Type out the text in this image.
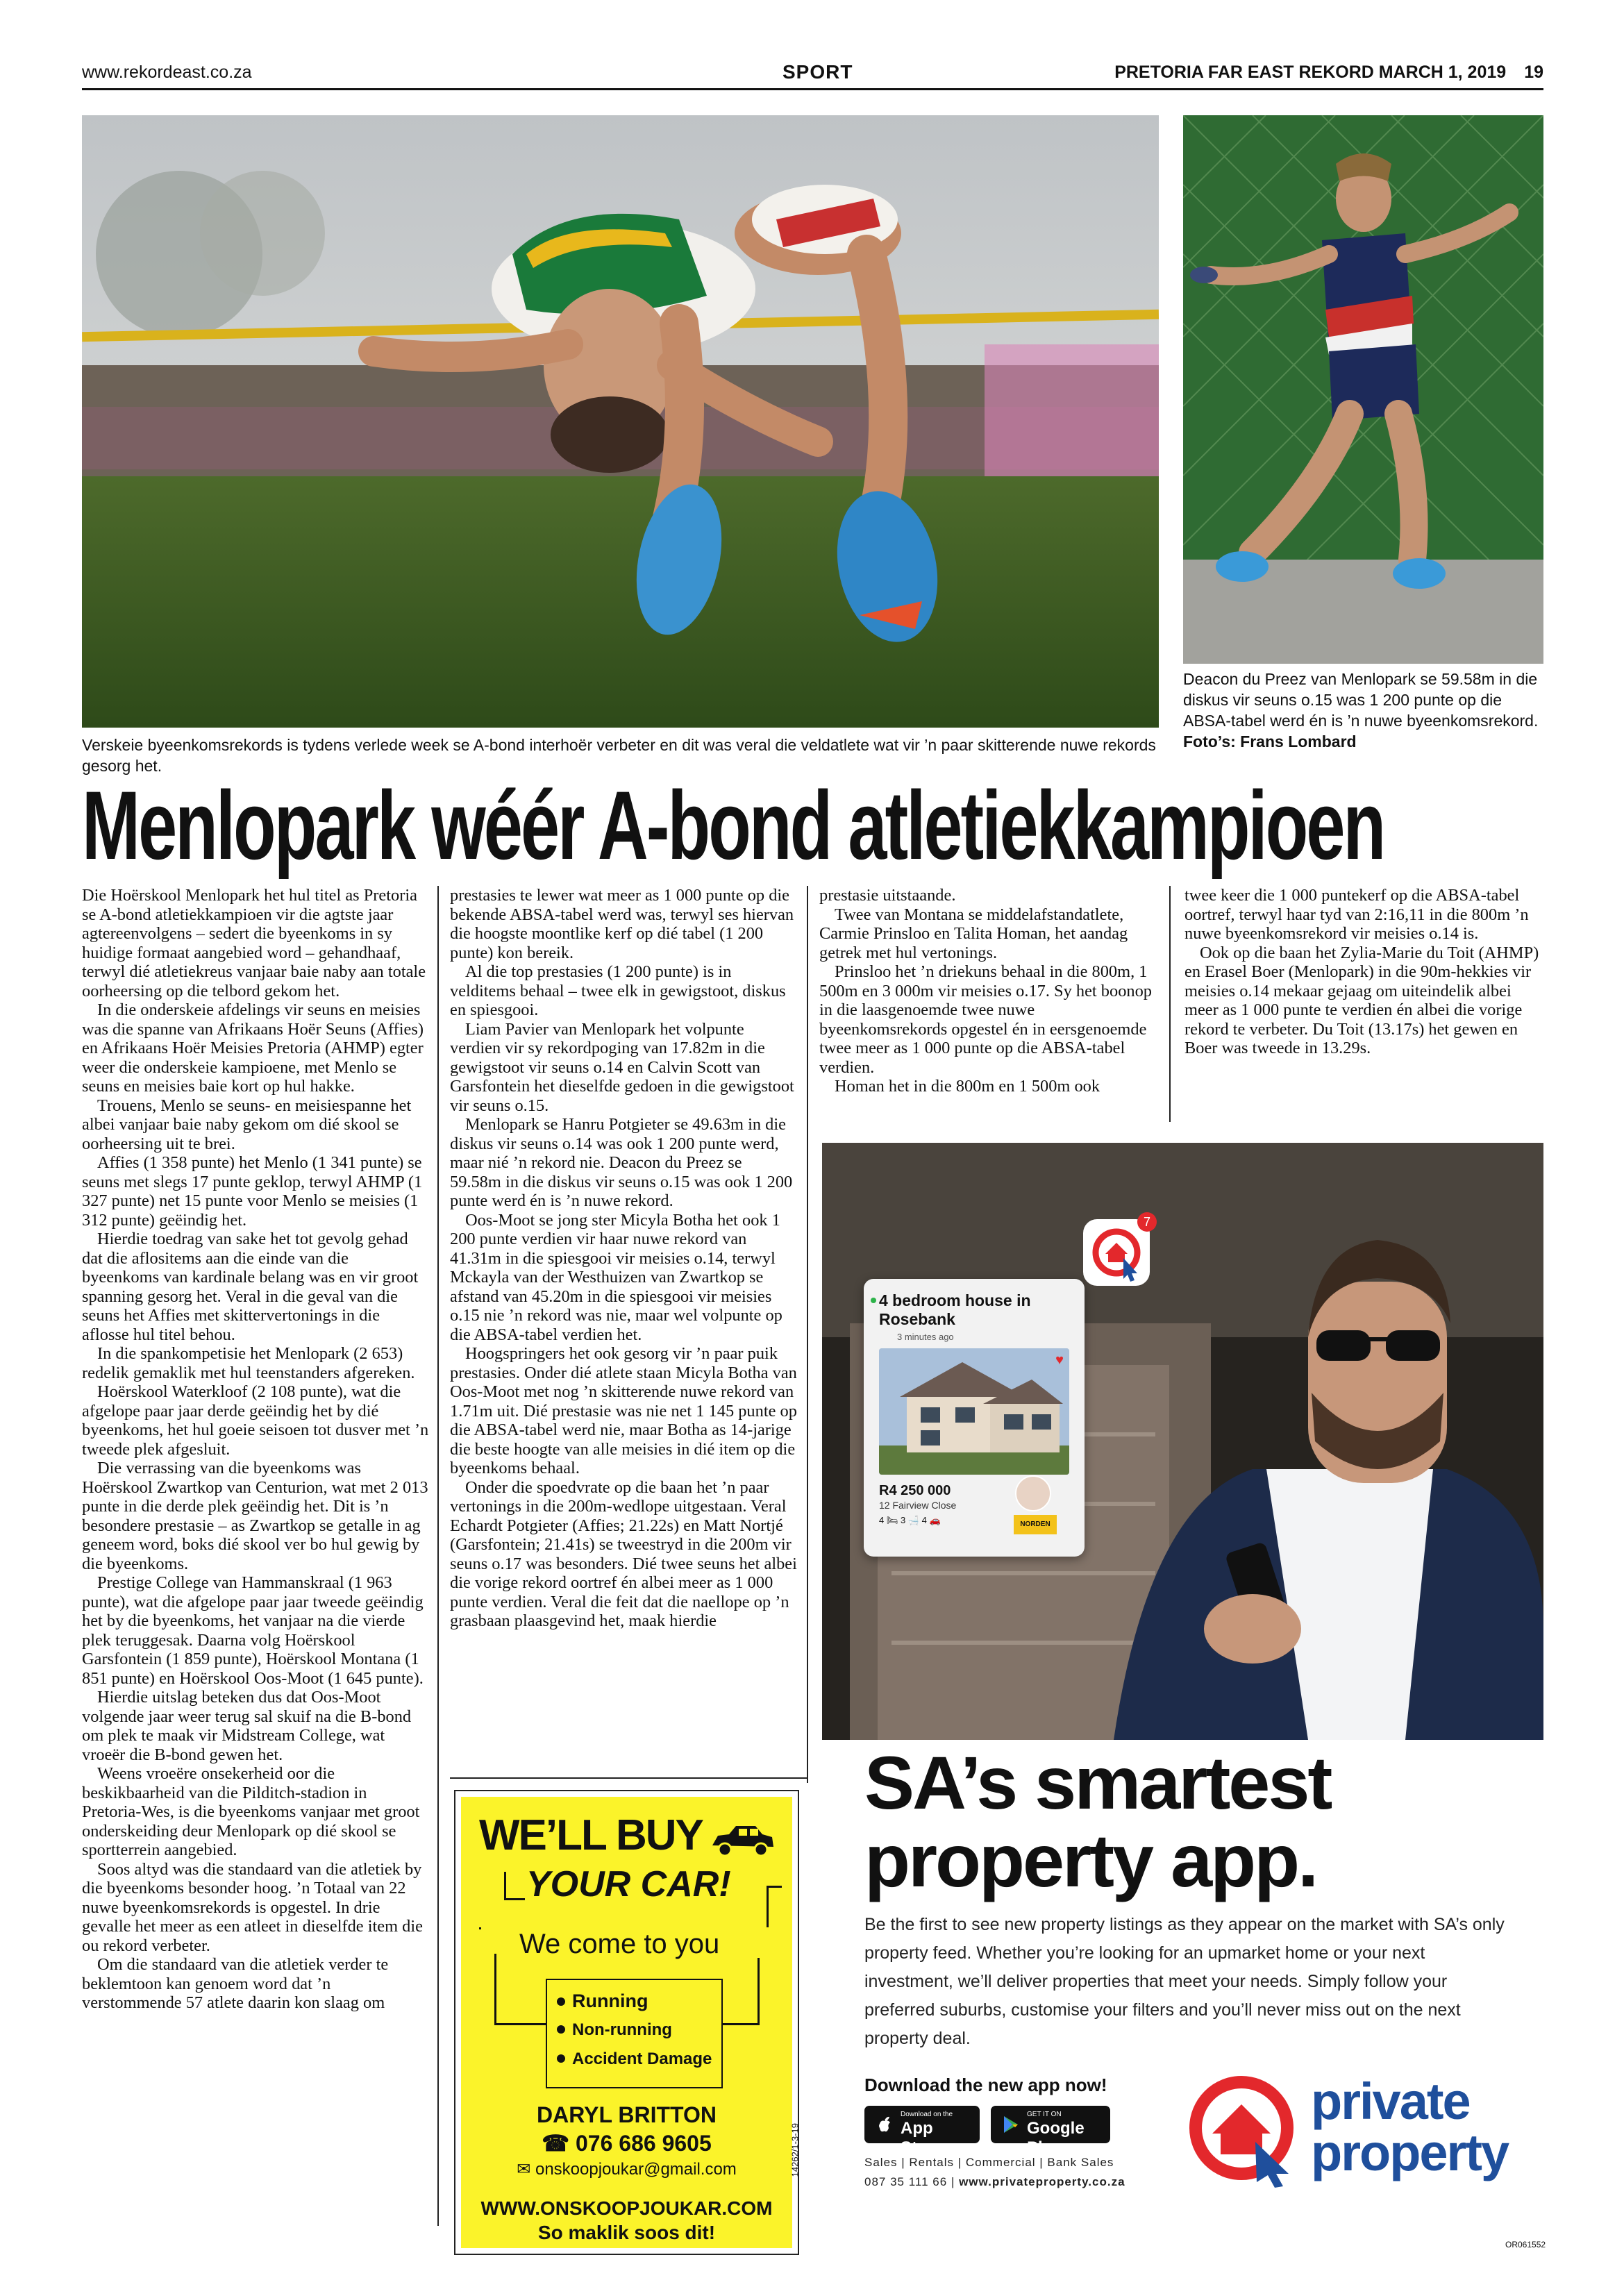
www.rekordeast.co.za	SPORT	PRETORIA FAR EAST REKORD MARCH 1, 2019 19
Verskeie byeenkomsrekords is tydens verlede week se A-bond interhoër verbeter en dit was veral die veldatlete wat vir ’n paar skitterende nuwe rekords gesorg het.
Deacon du Preez van Menlopark se 59.58m in die diskus vir seuns o.15 was 1 200 punte op die ABSA-tabel werd én is ’n nuwe byeenkomsrekord.
Foto’s: Frans Lombard
Menlopark wéér A-bond atletiekkampioen

Die Hoërskool Menlopark het hul titel as Pretoria se A-bond atletiekkampioen vir die agtste jaar agtereenvolgens – sedert die byeenkoms in sy huidige formaat aangebied word – gehandhaaf, terwyl dié atletiekreus vanjaar baie naby aan totale oorheersing op die telbord gekom het.

In die onderskeie afdelings vir seuns en meisies was die spanne van Afrikaans Hoër Seuns (Affies) en Afrikaans Hoër Meisies Pretoria (AHMP) egter weer die onderskeie kampioene, met Menlo se seuns en meisies baie kort op hul hakke.

Trouens, Menlo se seuns- en meisiespanne het albei vanjaar baie naby gekom om dié skool se oorheersing uit te brei.

Affies (1 358 punte) het Menlo (1 341 punte) se seuns met slegs 17 punte geklop, terwyl AHMP (1 327 punte) net 15 punte voor Menlo se meisies (1 312 punte) geëindig het.

Hierdie toedrag van sake het tot gevolg gehad dat die aflositems aan die einde van die byeenkoms van kardinale belang was en vir groot spanning gesorg het. Veral in die geval van die seuns het Affies met skittervertonings in die aflosse hul titel behou.

In die spankompetisie het Menlopark (2 653) redelik gemaklik met hul teenstanders afgereken.

Hoërskool Waterkloof (2 108 punte), wat die afgelope paar jaar derde geëindig het by dié byeenkoms, het hul goeie seisoen tot dusver met ’n tweede plek afgesluit.

Die verrassing van die byeenkoms was Hoërskool Zwartkop van Centurion, wat met 2 013 punte in die derde plek geëindig het. Dit is ’n besondere prestasie – as Zwartkop se getalle in ag geneem word, boks dié skool ver bo hul gewig by die byeenkoms.

Prestige College van Hammanskraal (1 963 punte), wat die afgelope paar jaar tweede geëindig het by die byeenkoms, het vanjaar na die vierde plek teruggesak. Daarna volg Hoërskool Garsfontein (1 859 punte), Hoërskool Montana (1 851 punte) en Hoërskool Oos-Moot (1 645 punte).

Hierdie uitslag beteken dus dat Oos-Moot volgende jaar weer terug sal skuif na die B-bond om plek te maak vir Midstream College, wat vroeër die B-bond gewen het.

Weens vroeëre onsekerheid oor die beskikbaarheid van die Pilditch-stadion in Pretoria-Wes, is die byeenkoms vanjaar met groot onderskeiding deur Menlopark op dié skool se sportterrein aangebied.

Soos altyd was die standaard van die atletiek by die byeenkoms besonder hoog. ’n Totaal van 22 nuwe byeenkomsrekords is opgestel. In drie gevalle het meer as een atleet in dieselfde item die ou rekord verbeter.

Om die standaard van die atletiek verder te beklemtoon kan genoem word dat ’n verstommende 57 atlete daarin kon slaag om

prestasies te lewer wat meer as 1 000 punte op die bekende ABSA-tabel werd was, terwyl ses hiervan die hoogste moontlike kerf op dié tabel (1 200 punte) kon bereik.

Al die top prestasies (1 200 punte) is in velditems behaal – twee elk in gewigstoot, diskus en spiesgooi.

Liam Pavier van Menlopark het volpunte verdien vir sy rekordpoging van 17.82m in die gewigstoot vir seuns o.14 en Calvin Scott van Garsfontein het dieselfde gedoen in die gewigstoot vir seuns o.15.

Menlopark se Hanru Potgieter se 49.63m in die diskus vir seuns o.14 was ook 1 200 punte werd, maar nié ’n rekord nie. Deacon du Preez se 59.58m in die diskus vir seuns o.15 was ook 1 200 punte werd én is ’n nuwe rekord.

Oos-Moot se jong ster Micyla Botha het ook 1 200 punte verdien vir haar nuwe rekord van 41.31m in die spiesgooi vir meisies o.14, terwyl Mckayla van der Westhuizen van Zwartkop se afstand van 45.20m in die spiesgooi vir meisies o.15 nie ’n rekord was nie, maar wel volpunte op die ABSA-tabel verdien het.

Hoogspringers het ook gesorg vir ’n paar puik prestasies. Onder dié atlete staan Micyla Botha van Oos-Moot met nog ’n skitterende nuwe rekord van 1.71m uit. Dié prestasie was nie net 1 145 punte op die ABSA-tabel werd nie, maar Botha as 14-jarige die beste hoogte van alle meisies in dié item op die byeenkoms behaal.

Onder die spoedvrate op die baan het ’n paar vertonings in die 200m-wedlope uitgestaan. Veral Echardt Potgieter (Affies; 21.22s) en Matt Nortjé (Garsfontein; 21.41s) se tweestryd in die 200m vir seuns o.17 was besonders. Dié twee seuns het albei die vorige rekord oortref én albei meer as 1 000 punte verdien. Veral die feit dat die naellope op ’n grasbaan plaasgevind het, maak hierdie

prestasie uitstaande.

Twee van Montana se middelafstandatlete, Carmie Prinsloo en Talita Homan, het aandag getrek met hul vertonings.

Prinsloo het ’n driekuns behaal in die 800m, 1 500m en 3 000m vir meisies o.17. Sy het boonop in die laasgenoemde twee nuwe byeenkomsrekords opgestel én in eersgenoemde twee meer as 1 000 punte op die ABSA-tabel verdien.

Homan het in die 800m en 1 500m ook

twee keer die 1 000 puntekerf op die ABSA-tabel oortref, terwyl haar tyd van 2:16,11 in die 800m ’n nuwe byeenkomsrekord vir meisies o.14 is.

Ook op die baan het Zylia-Marie du Toit (AHMP) en Erasel Boer (Menlopark) in die 90m-hekkies vir meisies o.14 mekaar gejaag om uiteindelik albei meer as 1 000 punte te verdien én albei die vorige rekord te verbeter. Du Toit (13.17s) het gewen en Boer was tweede in 13.29s.

WE’LL BUY
YOUR CAR!
We come to you
Running
Non-running
Accident Damage
DARYL BRITTON
☎ 076 686 9605
✉ onskoopjoukar@gmail.com
WWW.ONSKOOPJOUKAR.COM
So maklik soos dit!
14262/1-3-19
4 bedroom house in Rosebank
3 minutes ago
♥
R4 250 000
12 Fairview Close
4 🛏 3 🛁 4 🚗	NORDEN
7
SA’s smartest
property app.
Be the first to see new property listings as they appear on the market with SA’s only property feed. Whether you’re looking for an upmarket home or your next investment, we’ll deliver properties that meet your needs. Simply follow your preferred suburbs, customise your filters and you’ll never miss out on the next property deal.
Download the new app now!
Download on the
App Store
GET IT ON
Google Play
Sales | Rentals | Commercial | Bank Sales
087 35 111 66 | www.privateproperty.co.za
private
property
OR061552
